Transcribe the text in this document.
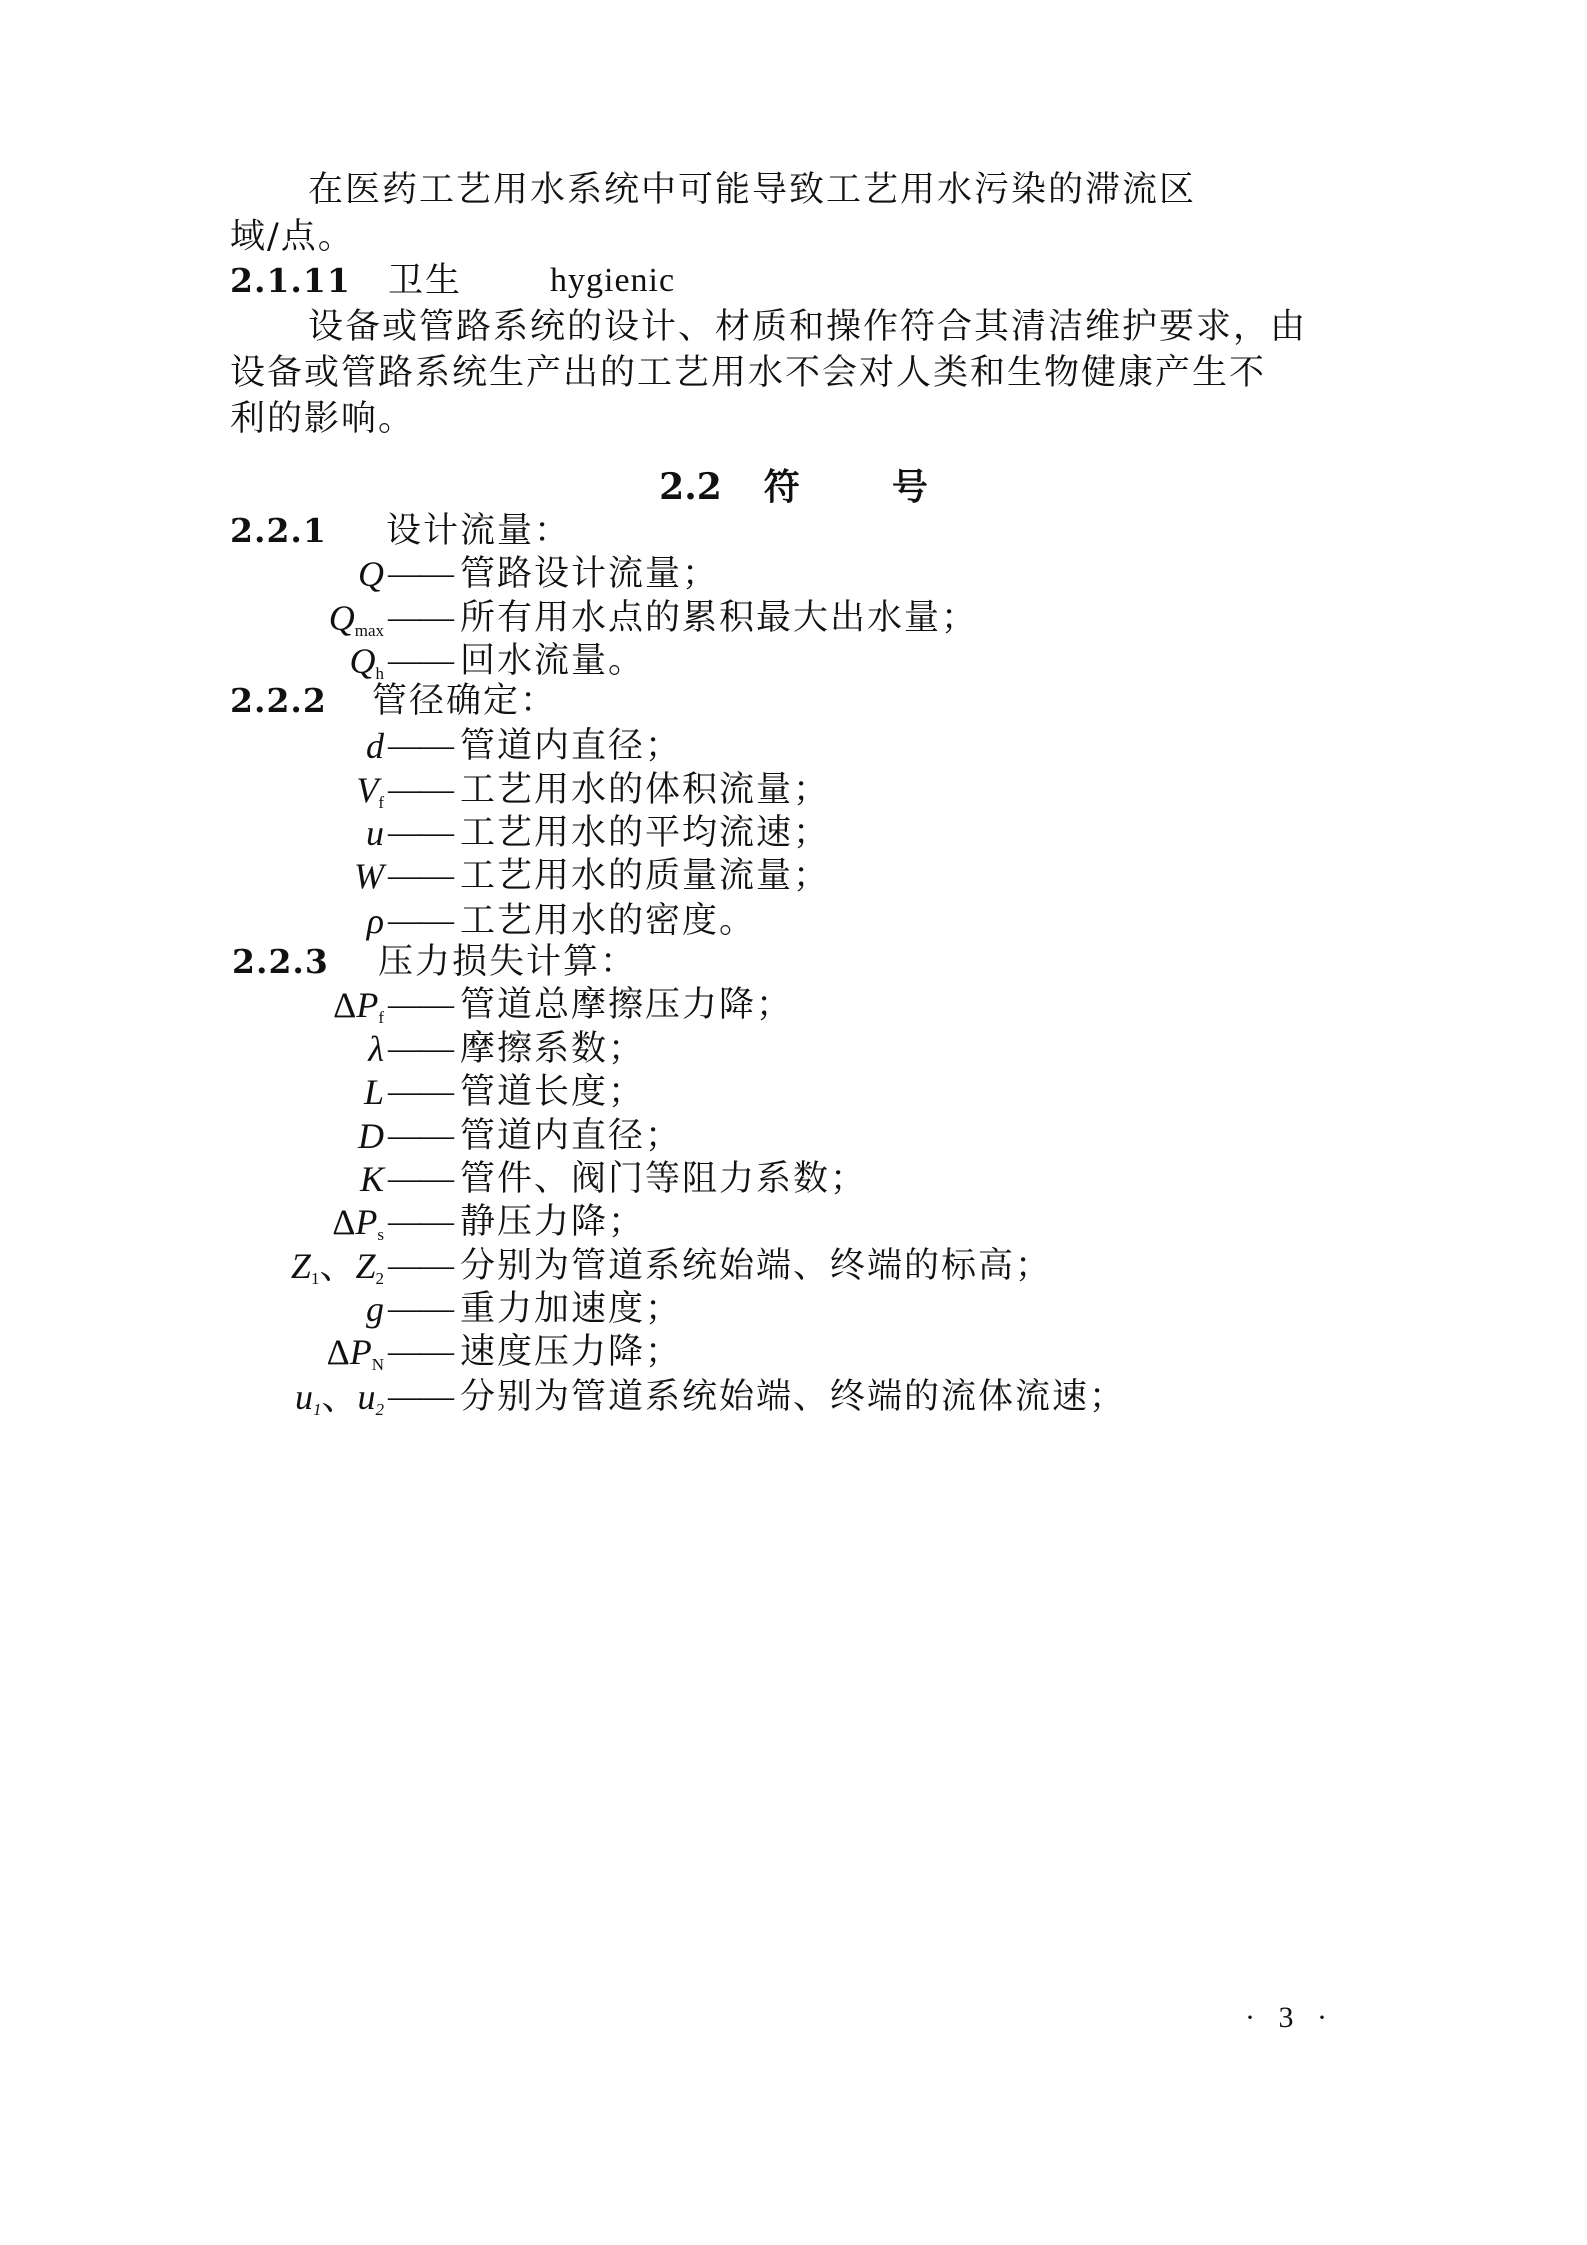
在医药工艺用水系统中可能导致工艺用水污染的滞流区
域/点。
2.1.11 卫生	hygienic
设备或管路系统的设计、材质和操作符合其清洁维护要求，由
设备或管路系统生产出的工艺用水不会对人类和生物健康产生不
利的影响。
2.2 符	号
2.2.1 设计流量：
Q —— 管路设计流量；
$Q_{max}$ —— 所有用水点的累积最大出水量；
$Q_h$ —— 回水流量。
2.2.2 管径确定：
d —— 管道内直径；
$V_f$ —— 工艺用水的体积流量；
u —— 工艺用水的平均流速；
W —— 工艺用水的质量流量；
ρ —— 工艺用水的密度。
2.2.3 压力损失计算：
$\Delta P_f$ —— 管道总摩擦压力降；
λ —— 摩擦系数；
L —— 管道长度；
D —— 管道内直径；
K —— 管件、阀门等阻力系数；
$\Delta P_s$ —— 静压力降；
$Z_1$、$Z_2$ —— 分别为管道系统始端、终端的标高；
g —— 重力加速度；
$\Delta P_N$ —— 速度压力降；
$u_1$、$u_2$ —— 分别为管道系统始端、终端的流体流速；
· 3 ·
